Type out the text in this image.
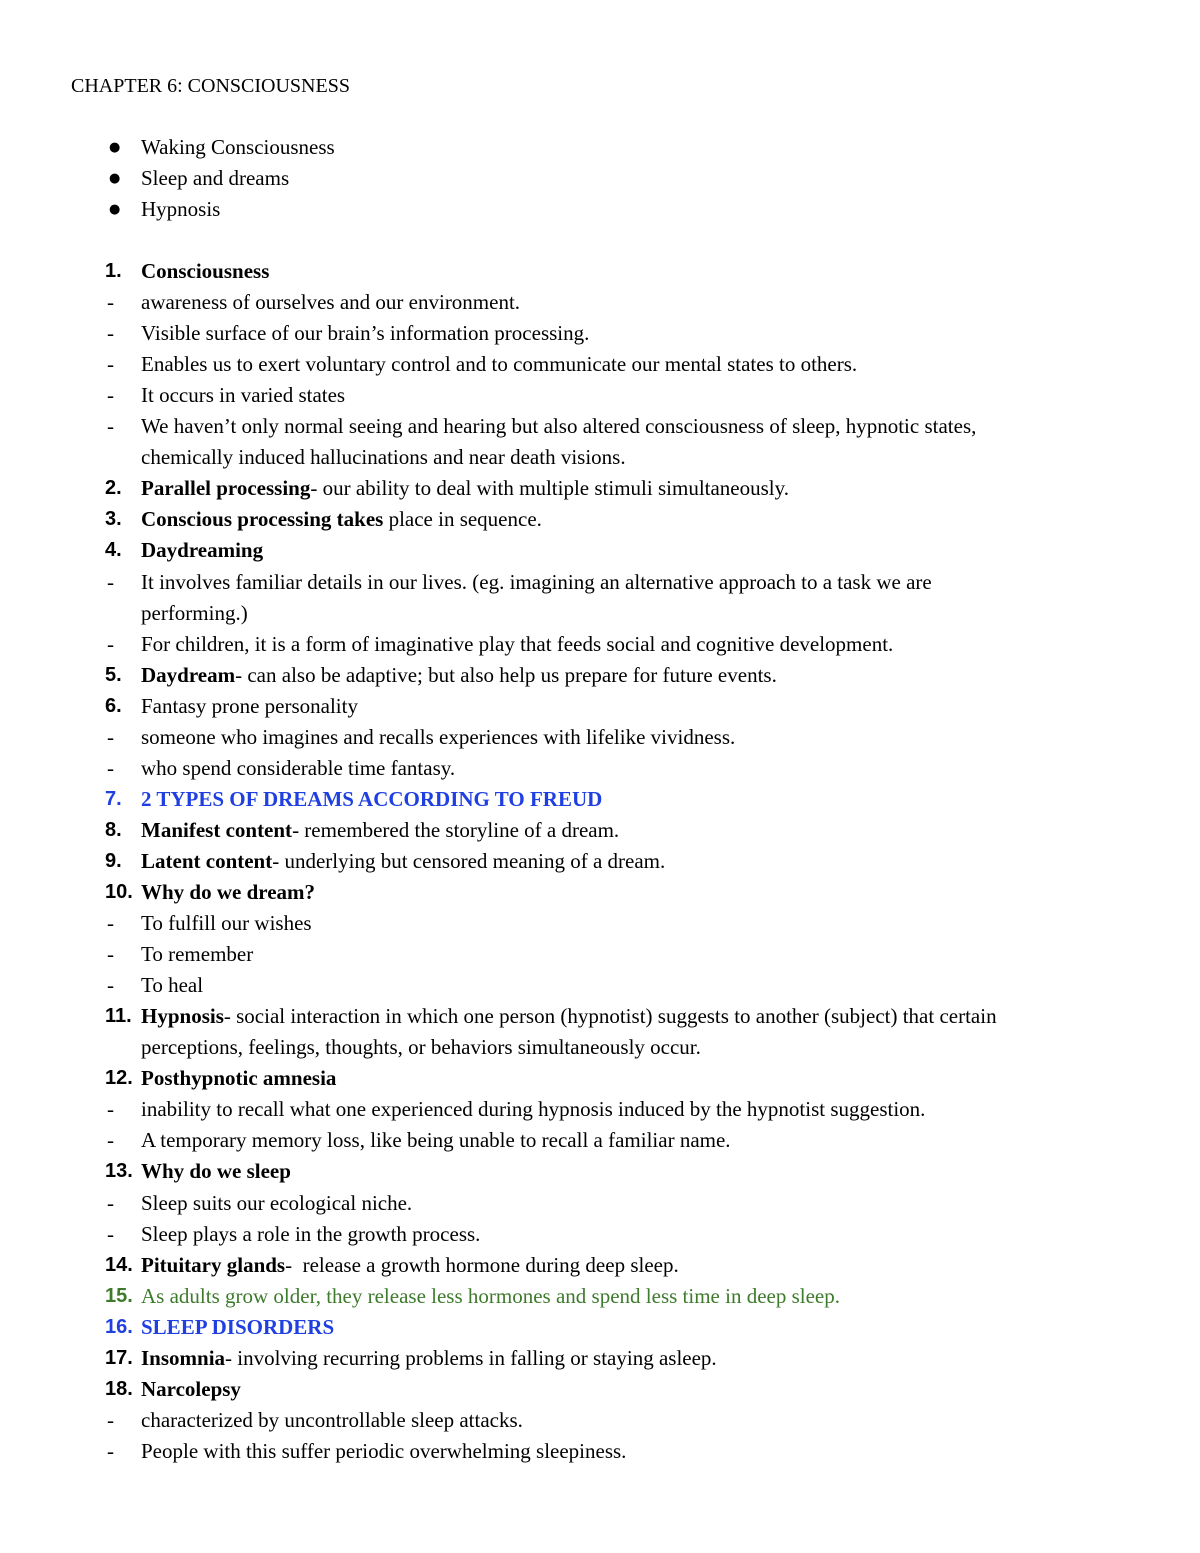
CHAPTER 6: CONSCIOUSNESS
● Waking Consciousness
● Sleep and dreams
● Hypnosis
1. Consciousness
- awareness of ourselves and our environment.
- Visible surface of our brain’s information processing.
- Enables us to exert voluntary control and to communicate our mental states to others.
- It occurs in varied states
- We haven’t only normal seeing and hearing but also altered consciousness of sleep, hypnotic states,
chemically induced hallucinations and near death visions.
2. Parallel processing- our ability to deal with multiple stimuli simultaneously.
3. Conscious processing takes place in sequence.
4. Daydreaming
- It involves familiar details in our lives. (eg. imagining an alternative approach to a task we are
performing.)
- For children, it is a form of imaginative play that feeds social and cognitive development.
5. Daydream- can also be adaptive; but also help us prepare for future events.
6. Fantasy prone personality
- someone who imagines and recalls experiences with lifelike vividness.
- who spend considerable time fantasy.
7. 2 TYPES OF DREAMS ACCORDING TO FREUD
8. Manifest content- remembered the storyline of a dream.
9. Latent content- underlying but censored meaning of a dream.
10. Why do we dream?
- To fulfill our wishes
- To remember
- To heal
11. Hypnosis- social interaction in which one person (hypnotist) suggests to another (subject) that certain
perceptions, feelings, thoughts, or behaviors simultaneously occur.
12. Posthypnotic amnesia
- inability to recall what one experienced during hypnosis induced by the hypnotist suggestion.
- A temporary memory loss, like being unable to recall a familiar name.
13. Why do we sleep
- Sleep suits our ecological niche.
- Sleep plays a role in the growth process.
14. Pituitary glands-  release a growth hormone during deep sleep.
15. As adults grow older, they release less hormones and spend less time in deep sleep.
16. SLEEP DISORDERS
17. Insomnia- involving recurring problems in falling or staying asleep.
18. Narcolepsy
- characterized by uncontrollable sleep attacks.
- People with this suffer periodic overwhelming sleepiness.
